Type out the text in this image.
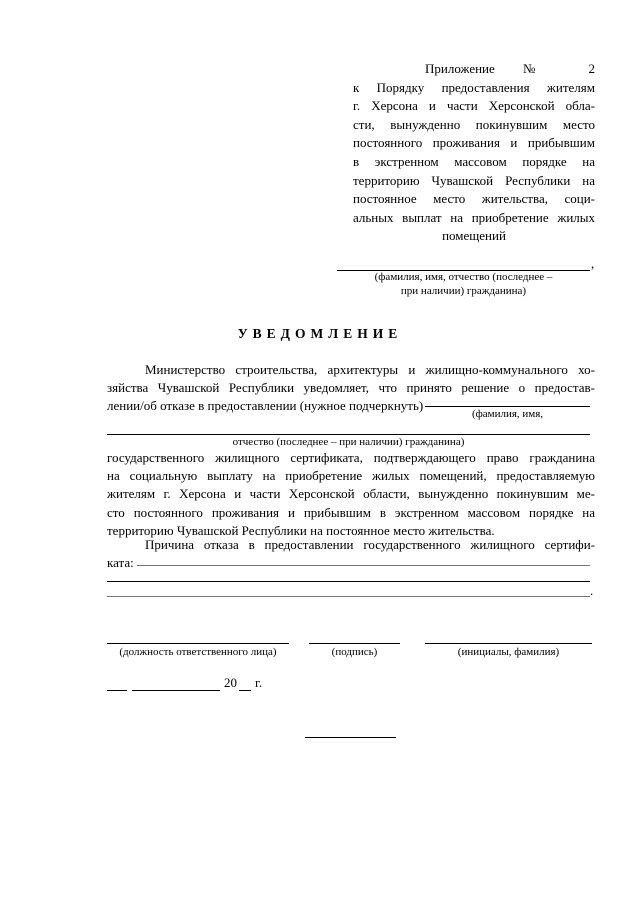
Приложение № 2
к Порядку предоставления жителям
г. Херсона и части Херсонской обла-
сти, вынужденно покинувшим место
постоянного проживания и прибывшим
в экстренном массовом порядке на
территорию Чувашской Республики на
постоянное место жительства, соци-
альных выплат на приобретение жилых
помещений
,
(фамилия, имя, отчество (последнее –
при наличии) гражданина)
УВЕДОМЛЕНИЕ
Министерство строительства, архитектуры и жилищно-коммунального хо-
зяйства Чувашской Республики уведомляет, что принято решение о предостав-
лении/об отказе в предоставлении (нужное подчеркнуть)
(фамилия, имя,
отчество (последнее – при наличии) гражданина)
государственного жилищного сертификата, подтверждающего право гражданина
на социальную выплату на приобретение жилых помещений, предоставляемую
жителям г. Херсона и части Херсонской области, вынужденно покинувшим ме-
сто постоянного проживания и прибывшим в экстренном массовом порядке на
территорию Чувашской Республики на постоянное место жительства.
Причина отказа в предоставлении государственного жилищного сертифи-
ката:
.
(должность ответственного лица)	(подпись)	(инициалы, фамилия)
20 г.
